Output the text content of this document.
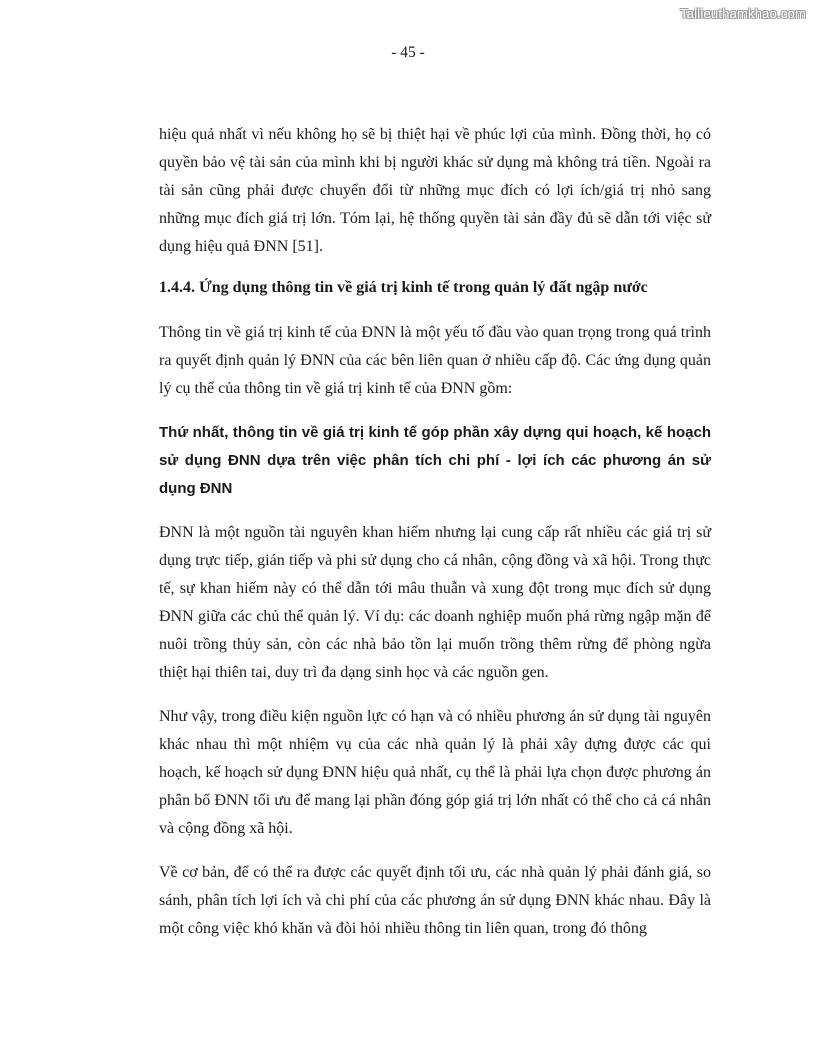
Tailieuthamkhao.com
- 45 -

hiệu quả nhất vì nếu không họ sẽ bị thiệt hại về phúc lợi của mình. Đồng thời, họ có quyền bảo vệ tài sản của mình khi bị người khác sử dụng mà không trả tiền. Ngoài ra tài sản cũng phải được chuyển đổi từ những mục đích có lợi ích/giá trị nhỏ sang những mục đích giá trị lớn. Tóm lại, hệ thống quyền tài sản đầy đủ sẽ dẫn tới việc sử dụng hiệu quả ĐNN [51].

1.4.4. Ứng dụng thông tin về giá trị kinh tế trong quản lý đất ngập nước

Thông tin về giá trị kinh tế của ĐNN là một yếu tố đầu vào quan trọng trong quá trình ra quyết định quản lý ĐNN của các bên liên quan ở nhiều cấp độ. Các ứng dụng quản lý cụ thể của thông tin về giá trị kinh tế của ĐNN gồm:

Thứ nhất, thông tin về giá trị kinh tế góp phần xây dựng qui hoạch, kế hoạch sử dụng ĐNN dựa trên việc phân tích chi phí - lợi ích các phương án sử dụng ĐNN

ĐNN là một nguồn tài nguyên khan hiếm nhưng lại cung cấp rất nhiều các giá trị sử dụng trực tiếp, gián tiếp và phi sử dụng cho cá nhân, cộng đồng và xã hội. Trong thực tế, sự khan hiếm này có thể dẫn tới mâu thuẫn và xung đột trong mục đích sử dụng ĐNN giữa các chủ thể quản lý. Ví dụ: các doanh nghiệp muốn phá rừng ngập mặn để nuôi trồng thủy sản, còn các nhà bảo tồn lại muốn trồng thêm rừng để phòng ngừa thiệt hại thiên tai, duy trì đa dạng sinh học và các nguồn gen.

Như vậy, trong điều kiện nguồn lực có hạn và có nhiều phương án sử dụng tài nguyên khác nhau thì một nhiệm vụ của các nhà quản lý là phải xây dựng được các qui hoạch, kế hoạch sử dụng ĐNN hiệu quả nhất, cụ thể là phải lựa chọn được phương án phân bổ ĐNN tối ưu để mang lại phần đóng góp giá trị lớn nhất có thể cho cả cá nhân và cộng đồng xã hội.

Về cơ bản, để có thể ra được các quyết định tối ưu, các nhà quản lý phải đánh giá, so sánh, phân tích lợi ích và chi phí của các phương án sử dụng ĐNN khác nhau. Đây là một công việc khó khăn và đòi hỏi nhiều thông tin liên quan, trong đó thông
